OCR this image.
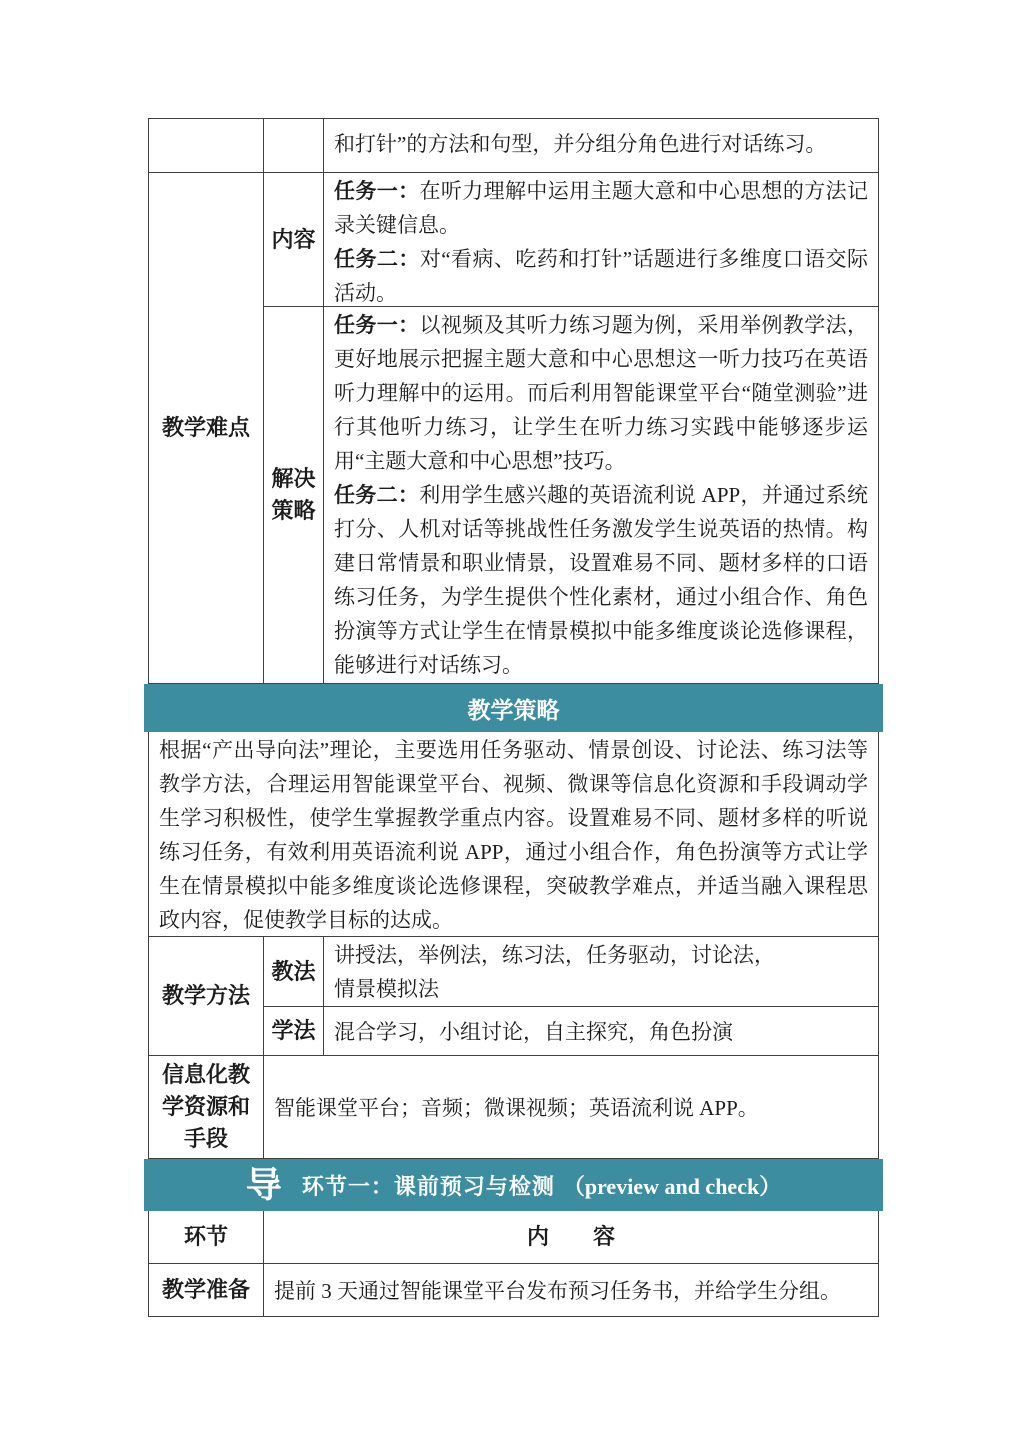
和打针”的方法和句型，并分组分角色进行对话练习。
教学难点
内容

任务一：在听力理解中运用主题大意和中心思想的方法记录关键信息。

任务二：对“看病、吃药和打针”话题进行多维度口语交际活动。

解决策略

任务一：以视频及其听力练习题为例，采用举例教学法，更好地展示把握主题大意和中心思想这一听力技巧在英语听力理解中的运用。而后利用智能课堂平台“随堂测验”进行其他听力练习，让学生在听力练习实践中能够逐步运用“主题大意和中心思想”技巧。

任务二：利用学生感兴趣的英语流利说 APP，并通过系统打分、人机对话等挑战性任务激发学生说英语的热情。构建日常情景和职业情景，设置难易不同、题材多样的口语练习任务，为学生提供个性化素材，通过小组合作、角色扮演等方式让学生在情景模拟中能多维度谈论选修课程，能够进行对话练习。

教学策略
根据“产出导向法”理论，主要选用任务驱动、情景创设、讨论法、练习法等教学方法，合理运用智能课堂平台、视频、微课等信息化资源和手段调动学生学习积极性，使学生掌握教学重点内容。设置难易不同、题材多样的听说练习任务，有效利用英语流利说 APP，通过小组合作，角色扮演等方式让学生在情景模拟中能多维度谈论选修课程，突破教学难点，并适当融入课程思政内容，促使教学目标的达成。
教学方法
教法

讲授法，举例法，练习法，任务驱动，讨论法，

情景模拟法

学法 混合学习，小组讨论，自主探究，角色扮演

信息化教学资源和手段

智能课堂平台；音频；微课视频；英语流利说 APP。

导 环节一：课前预习与检测 （preview and check）
环节	内　　容
教学准备	提前 3 天通过智能课堂平台发布预习任务书，并给学生分组。
